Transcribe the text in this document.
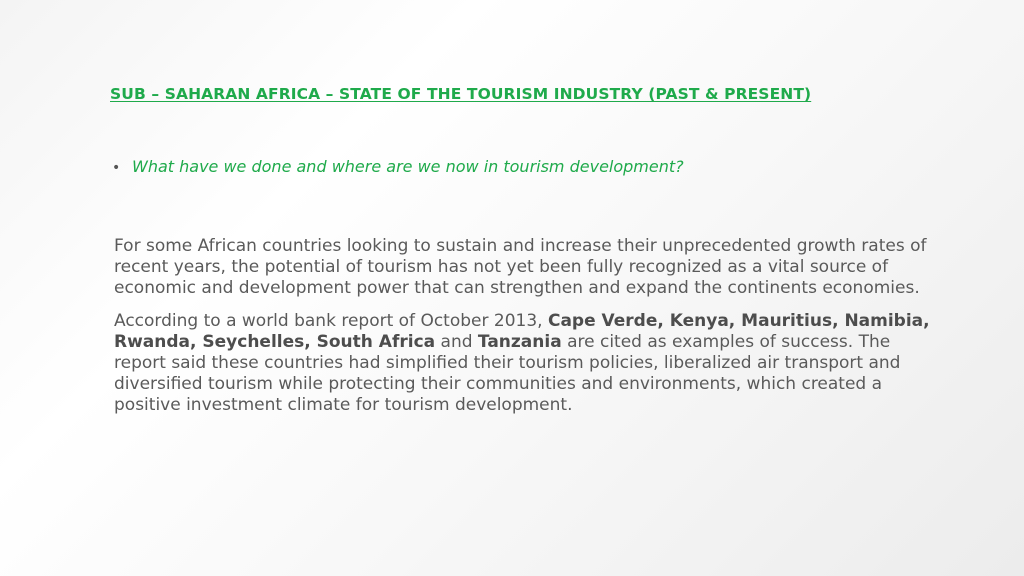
SUB – SAHARAN AFRICA – STATE OF THE TOURISM INDUSTRY (PAST & PRESENT)
• What have we done and where are we now in tourism development?

For some African countries looking to sustain and increase their unprecedented growth rates of recent years, the potential of tourism has not yet been fully recognized as a vital source of economic and development power that can strengthen and expand the continents economies.

According to a world bank report of October 2013, Cape Verde, Kenya, Mauritius, Namibia, Rwanda, Seychelles, South Africa and Tanzania are cited as examples of success. The report said these countries had simplified their tourism policies, liberalized air transport and diversified tourism while protecting their communities and environments, which created a positive investment climate for tourism development.
